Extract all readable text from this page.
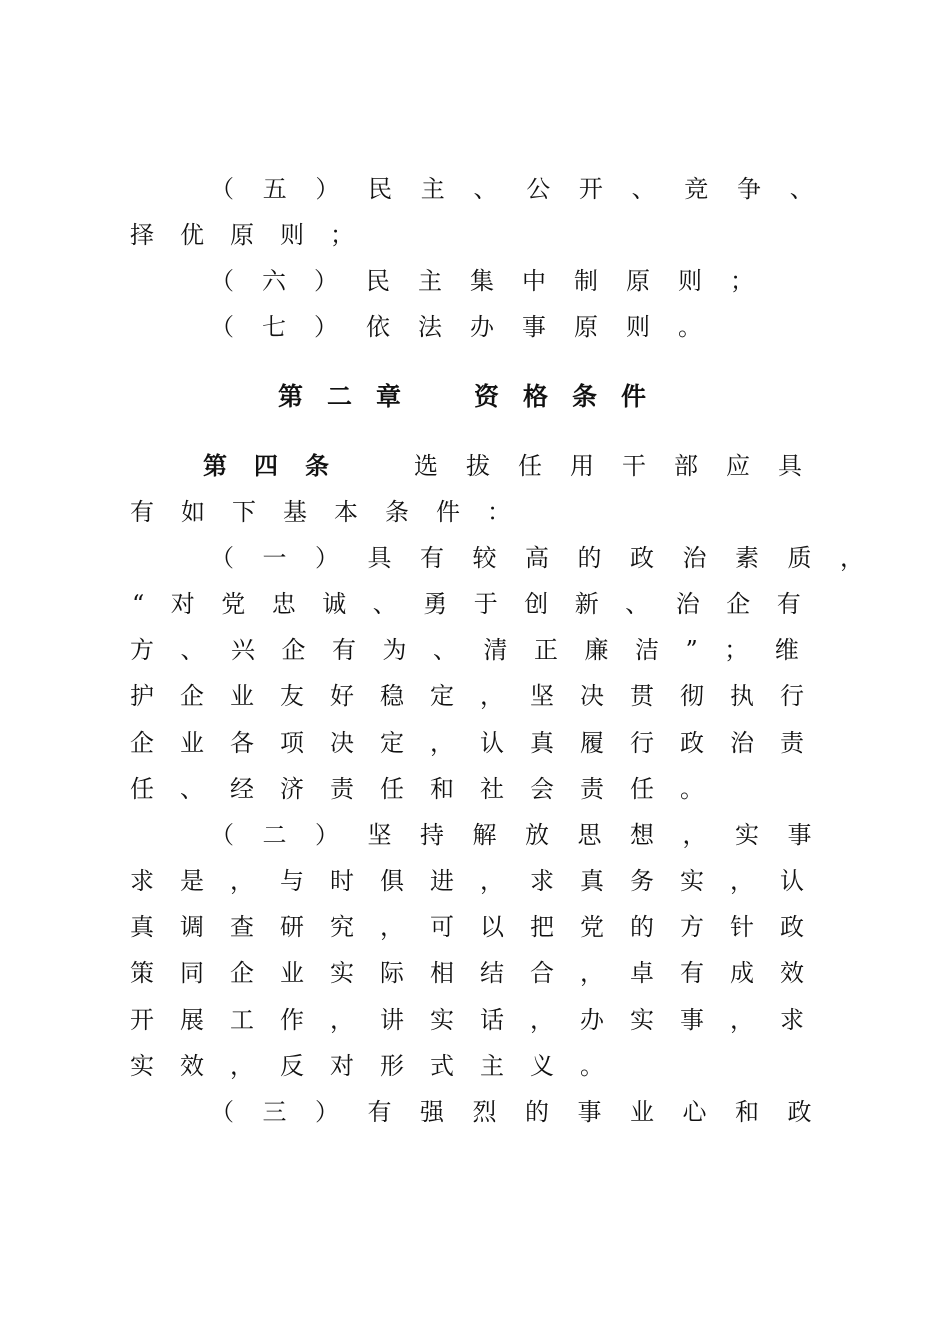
（五）民主、公开、竞争、
择优原则；
（六）民主集中制原则；
（七）依法办事原则。
第二章　资格条件
第四条 选拔任用干部应具
有如下基本条件：
（一）具有较高的政治素质，
“对党忠诚、勇于创新、治企有
方、兴企有为、清正廉洁”；维
护企业友好稳定，坚决贯彻执行
企业各项决定，认真履行政治责
任、经济责任和社会责任。
（二）坚持解放思想，实事
求是，与时俱进，求真务实，认
真调查研究，可以把党的方针政
策同企业实际相结合，卓有成效
开展工作，讲实话，办实事，求
实效，反对形式主义。
（三）有强烈的事业心和政
